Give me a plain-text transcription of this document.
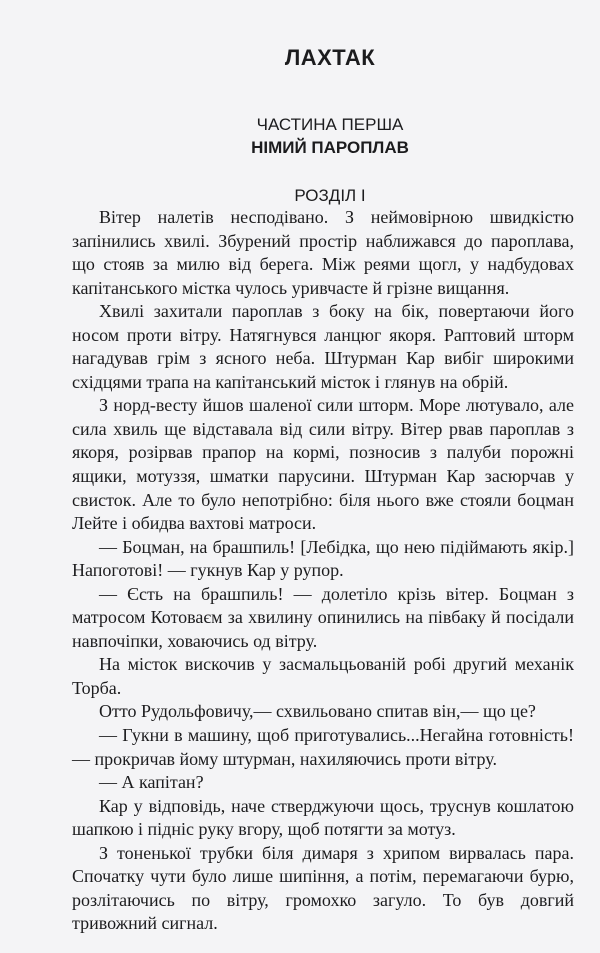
ЛАХТАК
ЧАСТИНА ПЕРША
НІМИЙ ПАРОПЛАВ
РОЗДІЛ І
Вітер налетів несподівано. З неймовірною швидкістю
запінились хвилі. Збурений простір наближався до пароплава,
що стояв за милю від берега. Між реями щогл, у надбудовах
капітанського містка чулось уривчасте й грізне вищання.
Хвилі захитали пароплав з боку на бік, повертаючи його
носом проти вітру. Натягнувся ланцюг якоря. Раптовий шторм
нагадував грім з ясного неба. Штурман Кар вибіг широкими
східцями трапа на капітанський місток і глянув на обрій.
З норд-весту йшов шаленої сили шторм. Море лютувало, але
сила хвиль ще відставала від сили вітру. Вітер рвав пароплав з
якоря, розірвав прапор на кормі, позносив з палуби порожні
ящики, мотуззя, шматки парусини. Штурман Кар засюрчав у
свисток. Але то було непотрібно: біля нього вже стояли боцман
Лейте і обидва вахтові матроси.
— Боцман, на брашпиль! [Лебідка, що нею підіймають якір.]
Напоготові! — гукнув Кар у рупор.
— Єсть на брашпиль! — долетіло крізь вітер. Боцман з
матросом Котоваєм за хвилину опинились на півбаку й посідали
навпочіпки, ховаючись од вітру.
На місток вискочив у засмальцьованій робі другий механік
Торба.
Отто Рудольфовичу,— схвильовано спитав він,— що це?
— Гукни в машину, щоб приготувались...Негайна готовність!
— прокричав йому штурман, нахиляючись проти вітру.
— А капітан?
Кар у відповідь, наче стверджуючи щось, труснув кошлатою
шапкою і підніс руку вгору, щоб потягти за мотуз.
З тоненької трубки біля димаря з хрипом вирвалась пара.
Спочатку чути було лише шипіння, а потім, перемагаючи бурю,
розлітаючись по вітру, громохко загуло. То був довгий
тривожний сигнал.
